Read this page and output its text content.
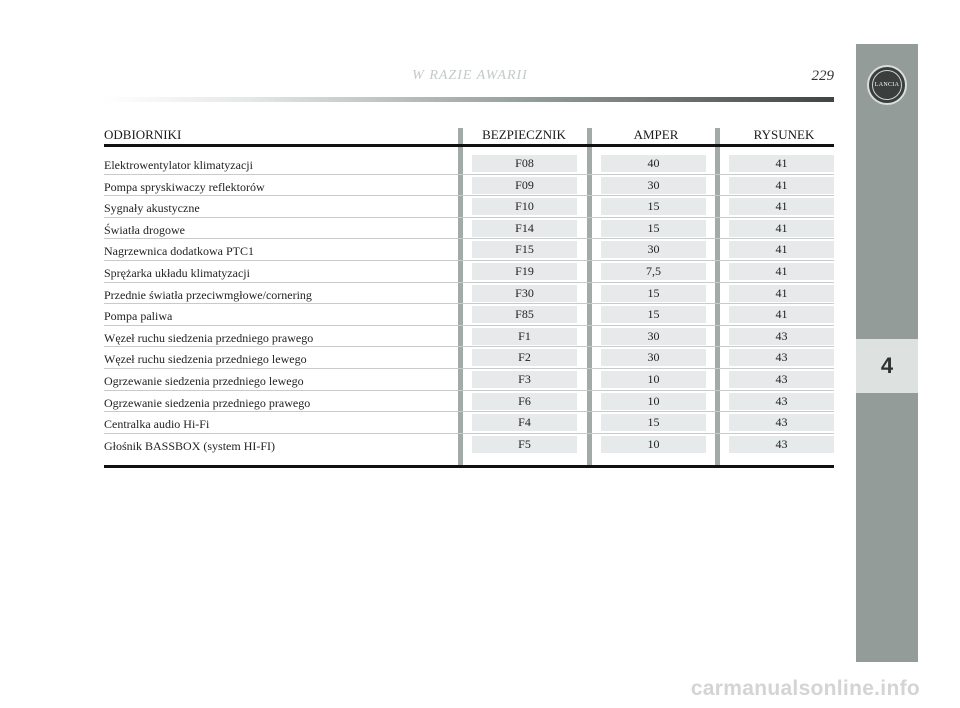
W RAZIE AWARII	229
LANCIA
4
ODBIORNIKI	BEZPIECZNIK	AMPER	RYSUNEK
Elektrowentylator klimatyzacji	F08	40	41
Pompa spryskiwaczy reflektorów	F09	30	41
Sygnały akustyczne	F10	15	41
Światła drogowe	F14	15	41
Nagrzewnica dodatkowa PTC1	F15	30	41
Sprężarka układu klimatyzacji	F19	7,5	41
Przednie światła przeciwmgłowe/cornering	F30	15	41
Pompa paliwa	F85	15	41
Węzeł ruchu siedzenia przedniego prawego	F1	30	43
Węzeł ruchu siedzenia przedniego lewego	F2	30	43
Ogrzewanie siedzenia przedniego lewego	F3	10	43
Ogrzewanie siedzenia przedniego prawego	F6	10	43
Centralka audio Hi-Fi	F4	15	43
Głośnik BASSBOX (system HI-FI)	F5	10	43
carmanualsonline.info
